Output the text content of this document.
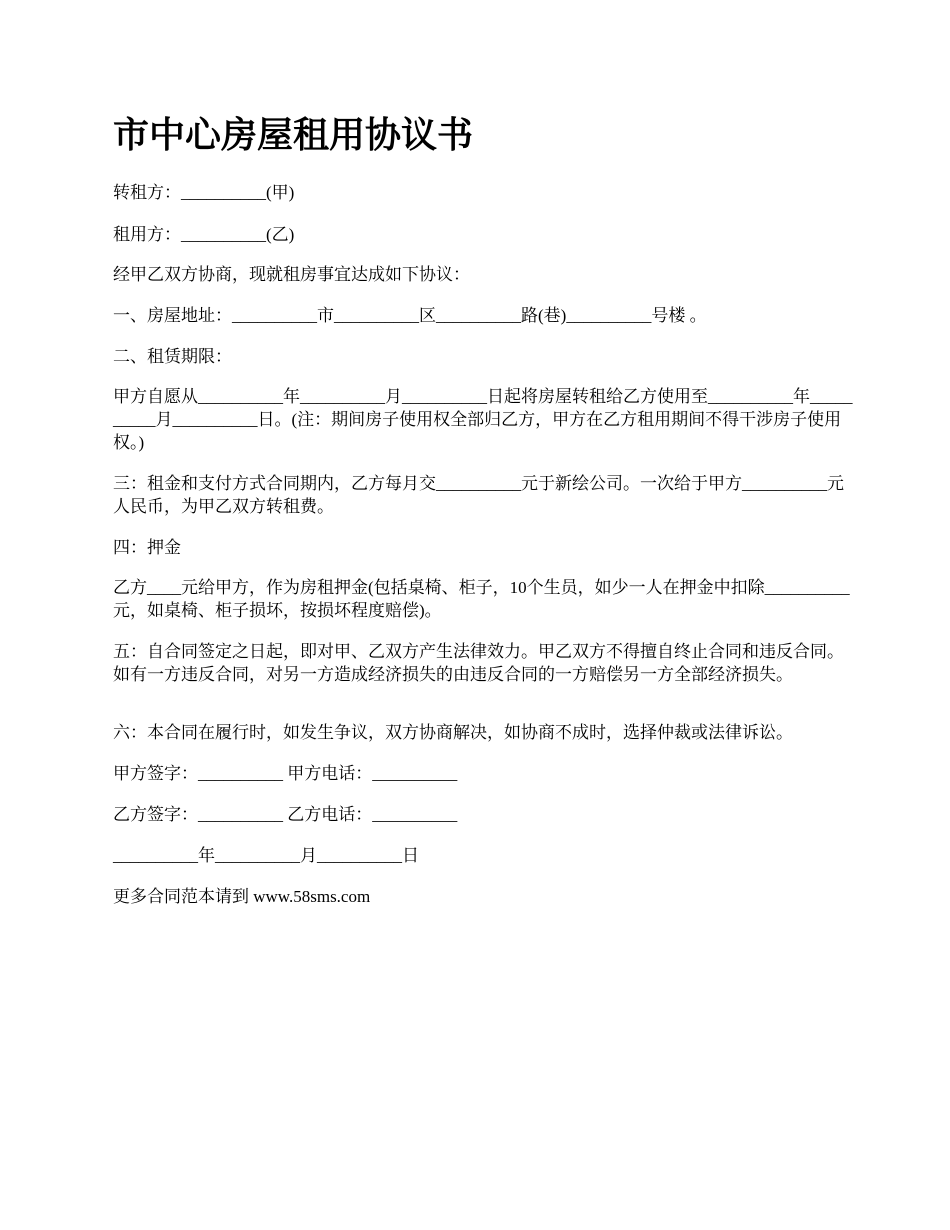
市中心房屋租用协议书

转租方：__________(甲)

租用方：__________(乙)

经甲乙双方协商，现就租房事宜达成如下协议：

一、房屋地址：__________市__________区__________路(巷)__________号楼 。

二、租赁期限：

甲方自愿从__________年__________月__________日起将房屋转租给乙方使用至__________年__________月__________日。(注：期间房子使用权全部归乙方，甲方在乙方租用期间不得干涉房子使用权。)

三：租金和支付方式合同期内，乙方每月交__________元于新绘公司。一次给于甲方__________元人民币，为甲乙双方转租费。

四：押金

乙方____元给甲方，作为房租押金(包括桌椅、柜子，10个生员，如少一人在押金中扣除__________元，如桌椅、柜子损坏，按损坏程度赔偿)。

五：自合同签定之日起，即对甲、乙双方产生法律效力。甲乙双方不得擅自终止合同和违反合同。如有一方违反合同，对另一方造成经济损失的由违反合同的一方赔偿另一方全部经济损失。

六：本合同在履行时，如发生争议，双方协商解决，如协商不成时，选择仲裁或法律诉讼。

甲方签字：__________ 甲方电话：__________

乙方签字：__________ 乙方电话：__________

__________年__________月__________日

更多合同范本请到 www.58sms.com
